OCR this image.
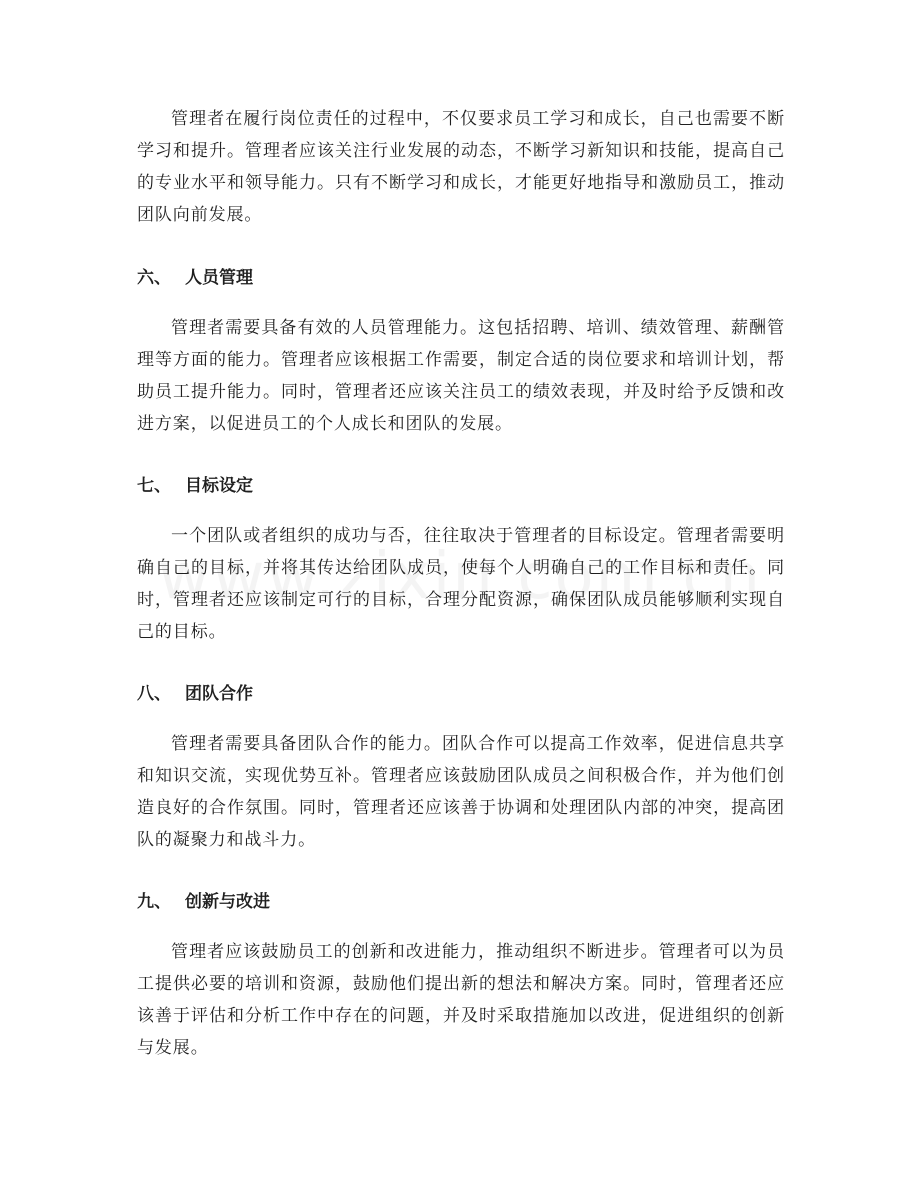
管理者在履行岗位责任的过程中，不仅要求员工学习和成长，自己也需要不断学习和提升。管理者应该关注行业发展的动态，不断学习新知识和技能，提高自己的专业水平和领导能力。只有不断学习和成长，才能更好地指导和激励员工，推动团队向前发展。

六、 人员管理

管理者需要具备有效的人员管理能力。这包括招聘、培训、绩效管理、薪酬管理等方面的能力。管理者应该根据工作需要，制定合适的岗位要求和培训计划，帮助员工提升能力。同时，管理者还应该关注员工的绩效表现，并及时给予反馈和改进方案，以促进员工的个人成长和团队的发展。

七、 目标设定

一个团队或者组织的成功与否，往往取决于管理者的目标设定。管理者需要明确自己的目标，并将其传达给团队成员，使每个人明确自己的工作目标和责任。同时，管理者还应该制定可行的目标，合理分配资源，确保团队成员能够顺利实现自己的目标。

八、 团队合作

管理者需要具备团队合作的能力。团队合作可以提高工作效率，促进信息共享和知识交流，实现优势互补。管理者应该鼓励团队成员之间积极合作，并为他们创造良好的合作氛围。同时，管理者还应该善于协调和处理团队内部的冲突，提高团队的凝聚力和战斗力。

九、 创新与改进

管理者应该鼓励员工的创新和改进能力，推动组织不断进步。管理者可以为员工提供必要的培训和资源，鼓励他们提出新的想法和解决方案。同时，管理者还应该善于评估和分析工作中存在的问题，并及时采取措施加以改进，促进组织的创新与发展。
